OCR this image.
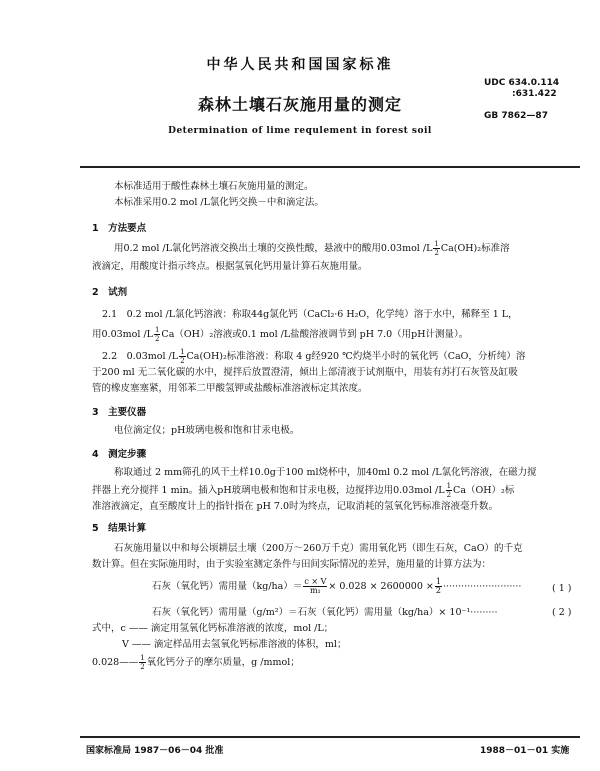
中华人民共和国国家标准
UDC 634.0.114
:631.422
GB 7862—87
森林土壤石灰施用量的测定
Determination of lime requlement in forest soil
本标准适用于酸性森林土壤石灰施用量的测定。
本标准采用0.2 mol /L氯化钙交换－中和滴定法。
1　方法要点
用0.2 mol /L氯化钙溶液交换出土壤的交换性酸，悬液中的酸用0.03mol $/L \frac{1}{2} Ca(OH)_2$标准溶
液滴定，用酸度计指示终点。根据氢氧化钙用量计算石灰施用量。
2　试剂
2.1　0.2 mol /L氯化钙溶液：称取44g氯化钙（CaCl₂·6 H₂O，化学纯）溶于水中，稀释至 1 L，
用0.03mol $/L \frac{1}{2} Ca(OH)_2$溶液或0.1 mol /L盐酸溶液调节到 pH 7.0（用pH计测量）。
2.2　0.03mol $/L \frac{1}{2} Ca(OH)_2$标准溶液：称取 4 g经920 ℃灼烧半小时的氧化钙（CaO，分析纯）溶
于200 ml 无二氧化碳的水中，搅拌后放置澄清，倾出上部清液于试剂瓶中，用装有苏打石灰管及缸吸
管的橡皮塞塞紧，用邻苯二甲酸氢钾或盐酸标准溶液标定其浓度。
3　主要仪器
电位滴定仪；pH玻璃电极和饱和甘汞电极。
4　测定步骤
称取通过 2 mm筛孔的风干土样10.0g于100 ml烧杯中，加40ml 0.2 mol /L氯化钙溶液，在磁力搅
拌器上充分搅拌 1 min。插入pH玻璃电极和饱和甘汞电极，边搅拌边用0.03mol $/L \frac{1}{2} Ca(OH)_2$标
准溶液滴定，直至酸度计上的指针指在 pH 7.0时为终点，记取消耗的氢氧化钙标准溶液毫升数。
5　结果计算
石灰施用量以中和每公顷耕层土壤（200万～260万千克）需用氧化钙（即生石灰，CaO）的千克
数计算。但在实际施用时，由于实验室测定条件与田间实际情况的差异，施用量的计算方法为：
石灰（氧化钙）需用量$(kg/ha)= \frac{c \times V}{\text{m₁}} \times 0.028 \times 2600000 \times \frac{1}{2}$ ··························	( 1 )
石灰（氧化钙）需用量（g/m²）＝石灰（氧化钙）需用量（kg/ha）× 10⁻¹·········	( 2 )
式中，c —— 滴定用氢氧化钙标准溶液的浓度，mol /L；
V —— 滴定样品用去氢氧化钙标准溶液的体积，ml；
0.028—— $\frac{1}{2}$ 氧化钙分子的摩尔质量，g /mmol；
国家标准局 1987－06－04 批准	1988－01－01 实施
